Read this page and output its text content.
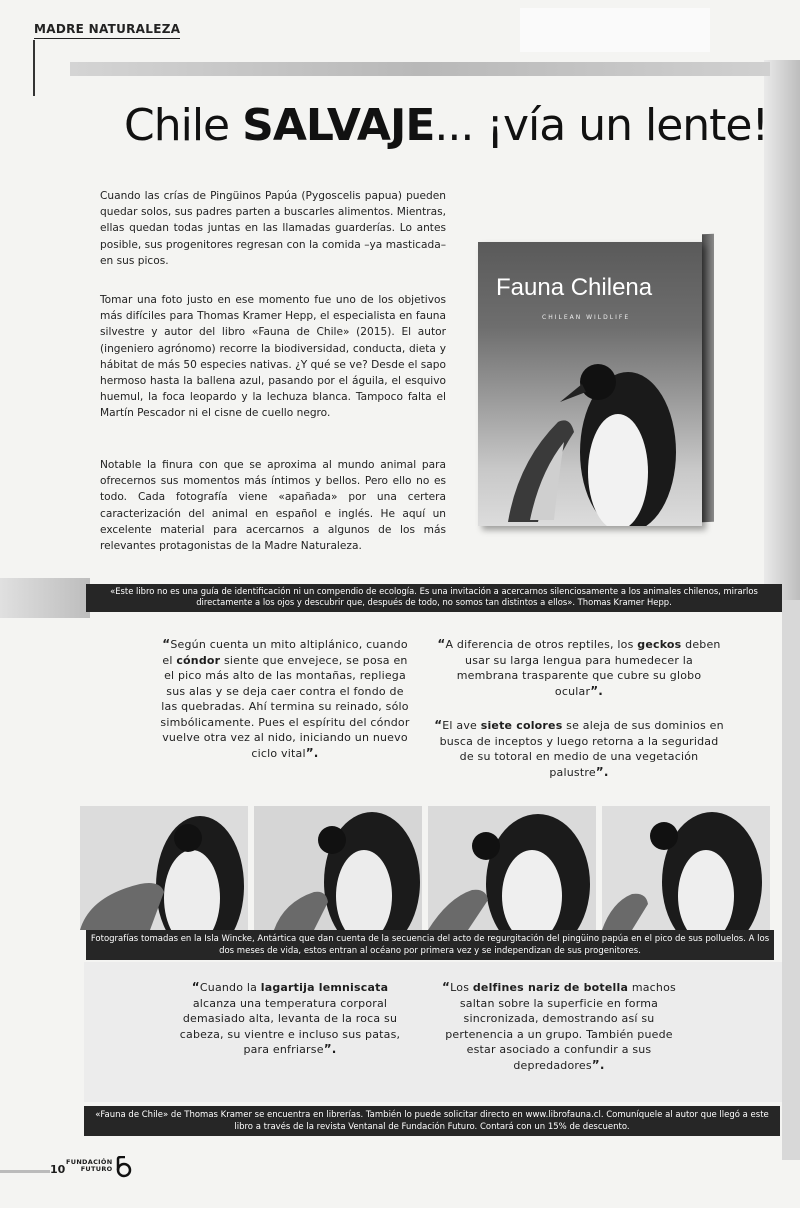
MADRE NATURALEZA
Chile SALVAJE... ¡vía un lente!

Cuando las crías de Pingüinos Papúa (Pygoscelis papua) pueden quedar solos, sus padres parten a buscarles alimentos. Mientras, ellas quedan todas juntas en las llamadas guarderías. Lo antes posible, sus progenitores regresan con la comida –ya masticada– en sus picos.

Tomar una foto justo en ese momento fue uno de los objetivos más difíciles para Thomas Kramer Hepp, el especialista en fauna silvestre y autor del libro «Fauna de Chile» (2015). El autor (ingeniero agrónomo) recorre la biodiversidad, conducta, dieta y hábitat de más 50 especies nativas. ¿Y qué se ve? Desde el sapo hermoso hasta la ballena azul, pasando por el águila, el esquivo huemul, la foca leopardo y la lechuza blanca. Tampoco falta el Martín Pescador ni el cisne de cuello negro.

Notable la finura con que se aproxima al mundo animal para ofrecernos sus momentos más íntimos y bellos. Pero ello no es todo. Cada fotografía viene «apañada» por una certera caracterización del animal en español e inglés. He aquí un excelente material para acercarnos a algunos de los más relevantes protagonistas de la Madre Naturaleza.

Fauna Chilena
CHILEAN WILDLIFE
«Este libro no es una guía de identificación ni un compendio de ecología. Es una invitación a acercarnos silenciosamente a los animales chilenos, mirarlos directamente a los ojos y descubrir que, después de todo, no somos tan distintos a ellos». Thomas Kramer Hepp.
“Según cuenta un mito altiplánico, cuando el cóndor siente que envejece, se posa en el pico más alto de las montañas, repliega sus alas y se deja caer contra el fondo de las quebradas. Ahí termina su reinado, sólo simbólicamente. Pues el espíritu del cóndor vuelve otra vez al nido, iniciando un nuevo ciclo vital”.
“A diferencia de otros reptiles, los geckos deben usar su larga lengua para humedecer la membrana trasparente que cubre su globo ocular”.
“El ave siete colores se aleja de sus dominios en busca de inceptos y luego retorna a la seguridad de su totoral en medio de una vegetación palustre”.
Fotografías tomadas en la Isla Wincke, Antártica que dan cuenta de la secuencia del acto de regurgitación del pingüino papúa en el pico de sus polluelos. A los dos meses de vida, estos entran al océano por primera vez y se independizan de sus progenitores.
“Cuando la lagartija lemniscata alcanza una temperatura corporal demasiado alta, levanta de la roca su cabeza, su vientre e incluso sus patas, para enfriarse”.
“Los delfines nariz de botella machos saltan sobre la superficie en forma sincronizada, demostrando así su pertenencia a un grupo. También puede estar asociado a confundir a sus depredadores”.
«Fauna de Chile» de Thomas Kramer se encuentra en librerías. También lo puede solicitar directo en www.librofauna.cl. Comuníquele al autor que llegó a este libro a través de la revista Ventanal de Fundación Futuro. Contará con un 15% de descuento.
10
FUNDACIÓN
FUTURO
